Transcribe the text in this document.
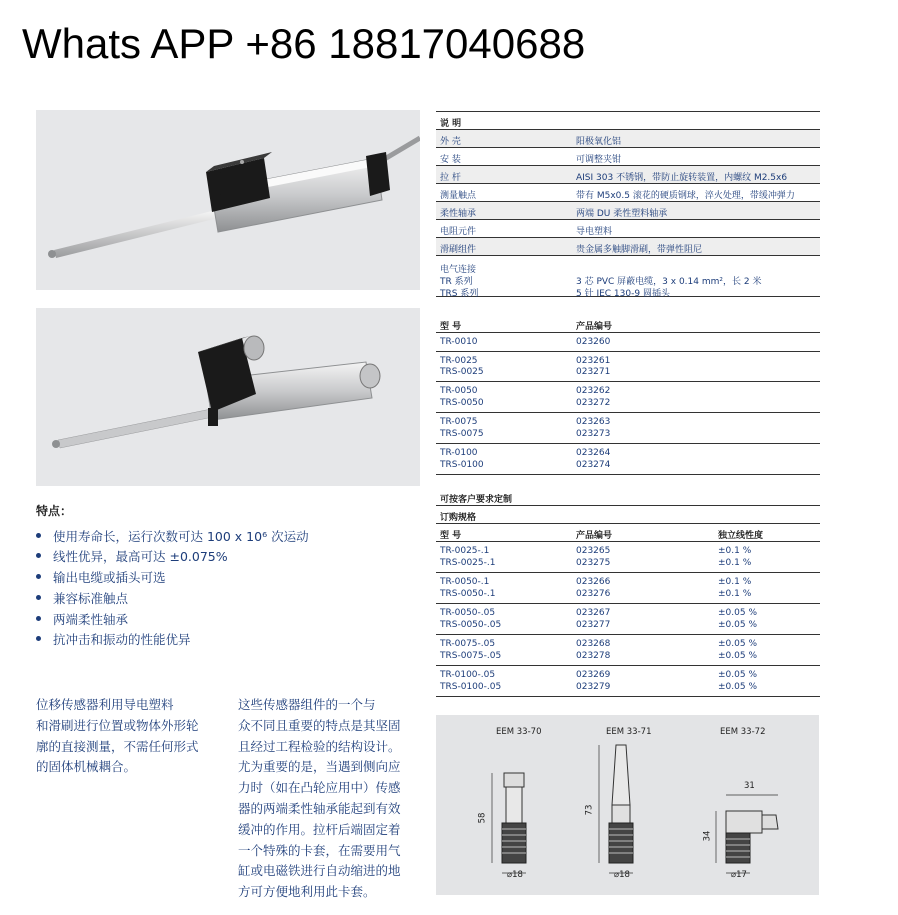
Whats APP +86 18817040688
说 明
外 壳	阳极氧化铝
安 装	可调整夹钳
拉 杆	AISI 303 不锈钢，带防止旋转装置，内螺纹 M2.5x6
测量触点	带有 M5x0.5 滚花的硬质钢球，淬火处理，带缓冲弹力
柔性轴承	两端 DU 柔性塑料轴承
电阻元件	导电塑料
滑刷组件	贵金属多触脚滑刷，带弹性阻尼
电气连接
TR 系列	3 芯 PVC 屏蔽电缆，3 x 0.14 mm²，长 2 米
TRS 系列	5 针 IEC 130-9 圆插头
型 号	产品编号
TR-0010	023260
TR-0025	023261
TRS-0025	023271
TR-0050	023262
TRS-0050	023272
TR-0075	023263
TRS-0075	023273
TR-0100	023264
TRS-0100	023274
可按客户要求定制
订购规格
型 号	产品编号	独立线性度
TR-0025-.1	023265	±0.1 %
TRS-0025-.1	023275	±0.1 %
TR-0050-.1	023266	±0.1 %
TRS-0050-.1	023276	±0.1 %
TR-0050-.05	023267	±0.05 %
TRS-0050-.05	023277	±0.05 %
TR-0075-.05	023268	±0.05 %
TRS-0075-.05	023278	±0.05 %
TR-0100-.05	023269	±0.05 %
TRS-0100-.05	023279	±0.05 %
特点：
使用寿命长，运行次数可达 100 x 10⁶ 次运动
线性优异，最高可达 ±0.075%
输出电缆或插头可选
兼容标准触点
两端柔性轴承
抗冲击和振动的性能优异
位移传感器利用导电塑料
和滑刷进行位置或物体外形轮
廓的直接测量，不需任何形式
的固体机械耦合。
这些传感器组件的一个与
众不同且重要的特点是其坚固
且经过工程检验的结构设计。
尤为重要的是，当遇到侧向应
力时（如在凸轮应用中）传感
器的两端柔性轴承能起到有效
缓冲的作用。拉杆后端固定着
一个特殊的卡套，在需要用气
缸或电磁铁进行自动缩进的地
方可方便地利用此卡套。
EEM 33-70	EEM 33-71	EEM 33-72
58
⌀18
73
⌀18
34
31
⌀17
